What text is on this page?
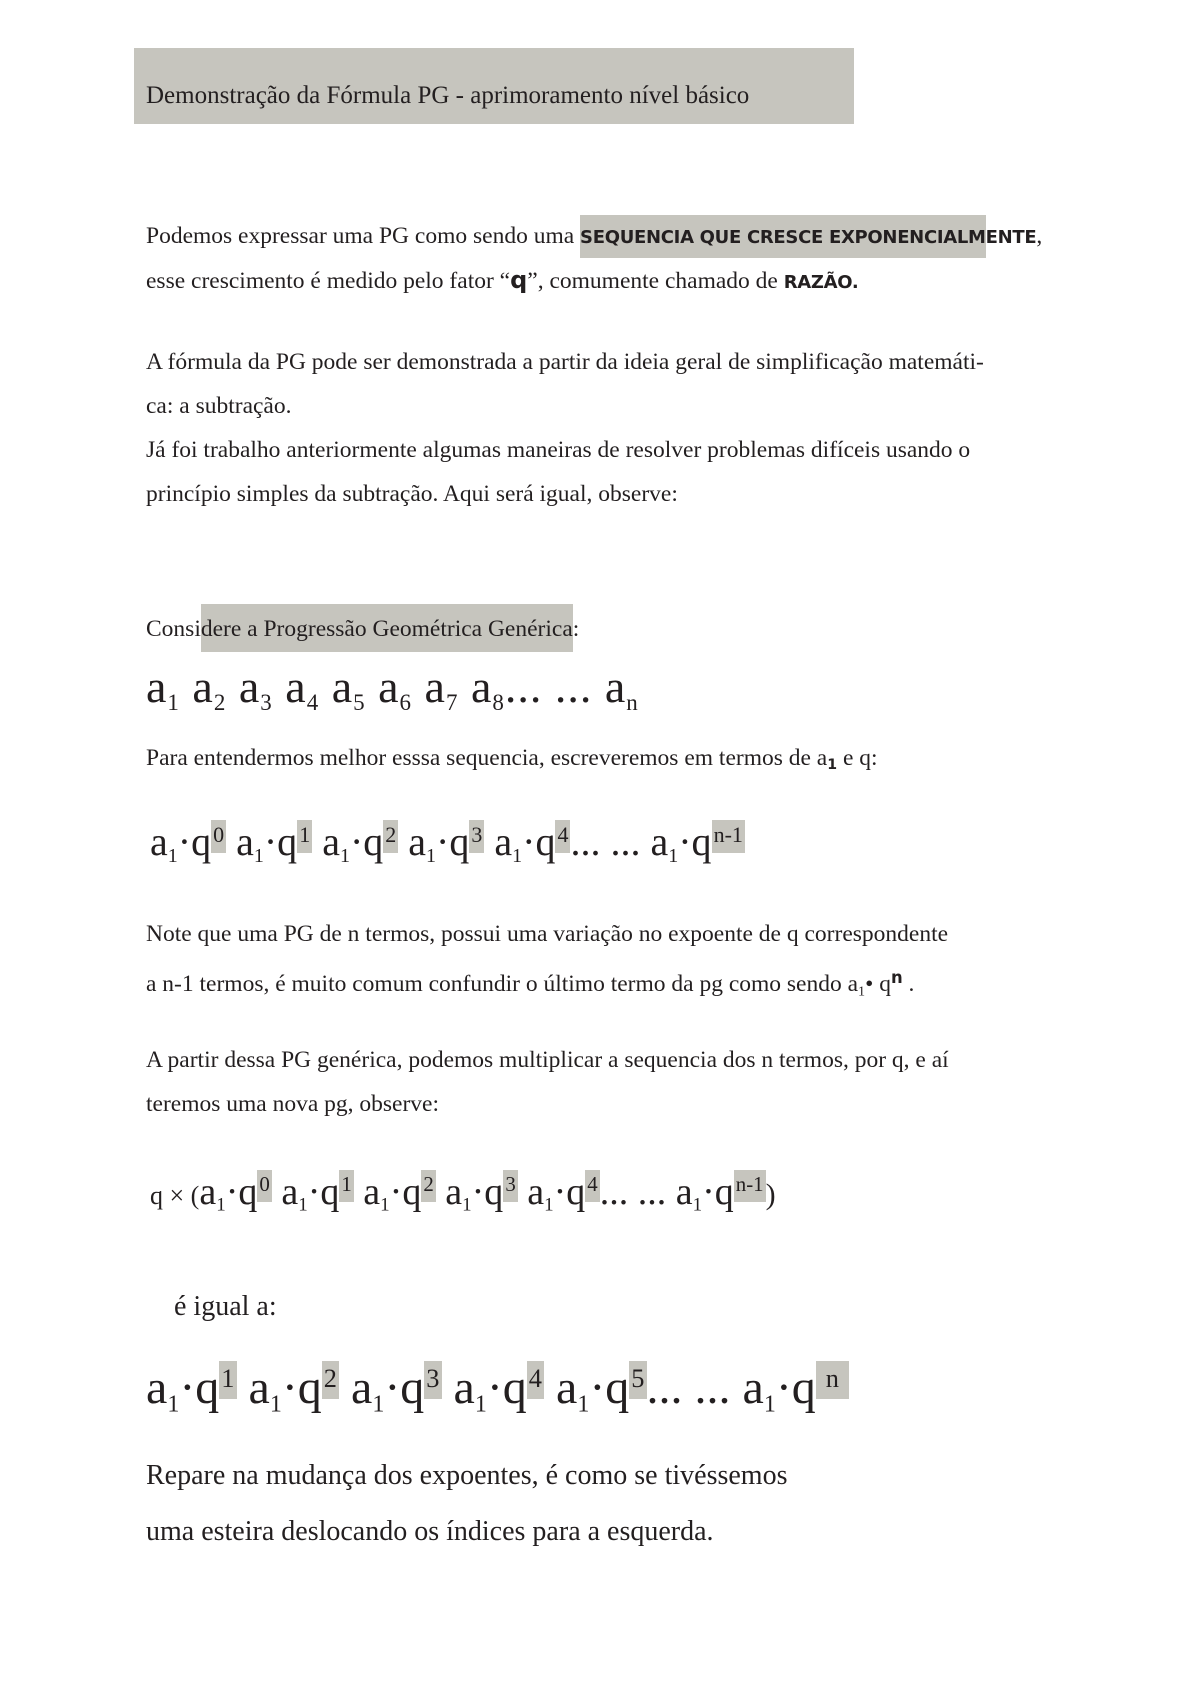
Demonstração da Fórmula PG - aprimoramento nível básico
Podemos expressar uma PG como sendo uma SEQUENCIA QUE CRESCE EXPONENCIALMENTE,
esse crescimento é medido pelo fator “q”, comumente chamado de RAZÃO.
A fórmula da PG pode ser demonstrada a partir da ideia geral de simplificação matemáti-
ca: a subtração.
Já foi trabalho anteriormente algumas maneiras de resolver problemas difíceis usando o
princípio simples da subtração. Aqui será igual, observe:
Considere a Progressão Geométrica Genérica:
$a_1$ $a_2$ $a_3$ $a_4$ $a_5$ $a_6$ $a_7$ $a_8$... ... $a_n$
Para entendermos melhor esssa sequencia, escreveremos em termos de $a_1$ e q:
$a_1\cdot q^0$ $a_1\cdot q^1$ $a_1\cdot q^2$ $a_1\cdot q^3$ $a_1\cdot q^4$... ... $a_1\cdot q^{n-1}$
Note que uma PG de n termos, possui uma variação no expoente de q correspondente
a n-1 termos, é muito comum confundir o último termo da pg como sendo $a_1•$ $q^n$ .
A partir dessa PG genérica, podemos multiplicar a sequencia dos n termos, por q, e aí
teremos uma nova pg, observe:
$q \times (a_1\cdot q^0$ $a_1\cdot q^1$ $a_1\cdot q^2$ $a_1\cdot q^3$ $a_1\cdot q^4$... ... $a_1\cdot q^{n-1}$)
é igual a:
$a_1\cdot q^1$ $a_1\cdot q^2$ $a_1\cdot q^3$ $a_1\cdot q^4$ $a_1\cdot q^5$... ... $a_1\cdot q$ $^n$
Repare na mudança dos expoentes, é como se tivéssemos
uma esteira deslocando os índices para a esquerda.
